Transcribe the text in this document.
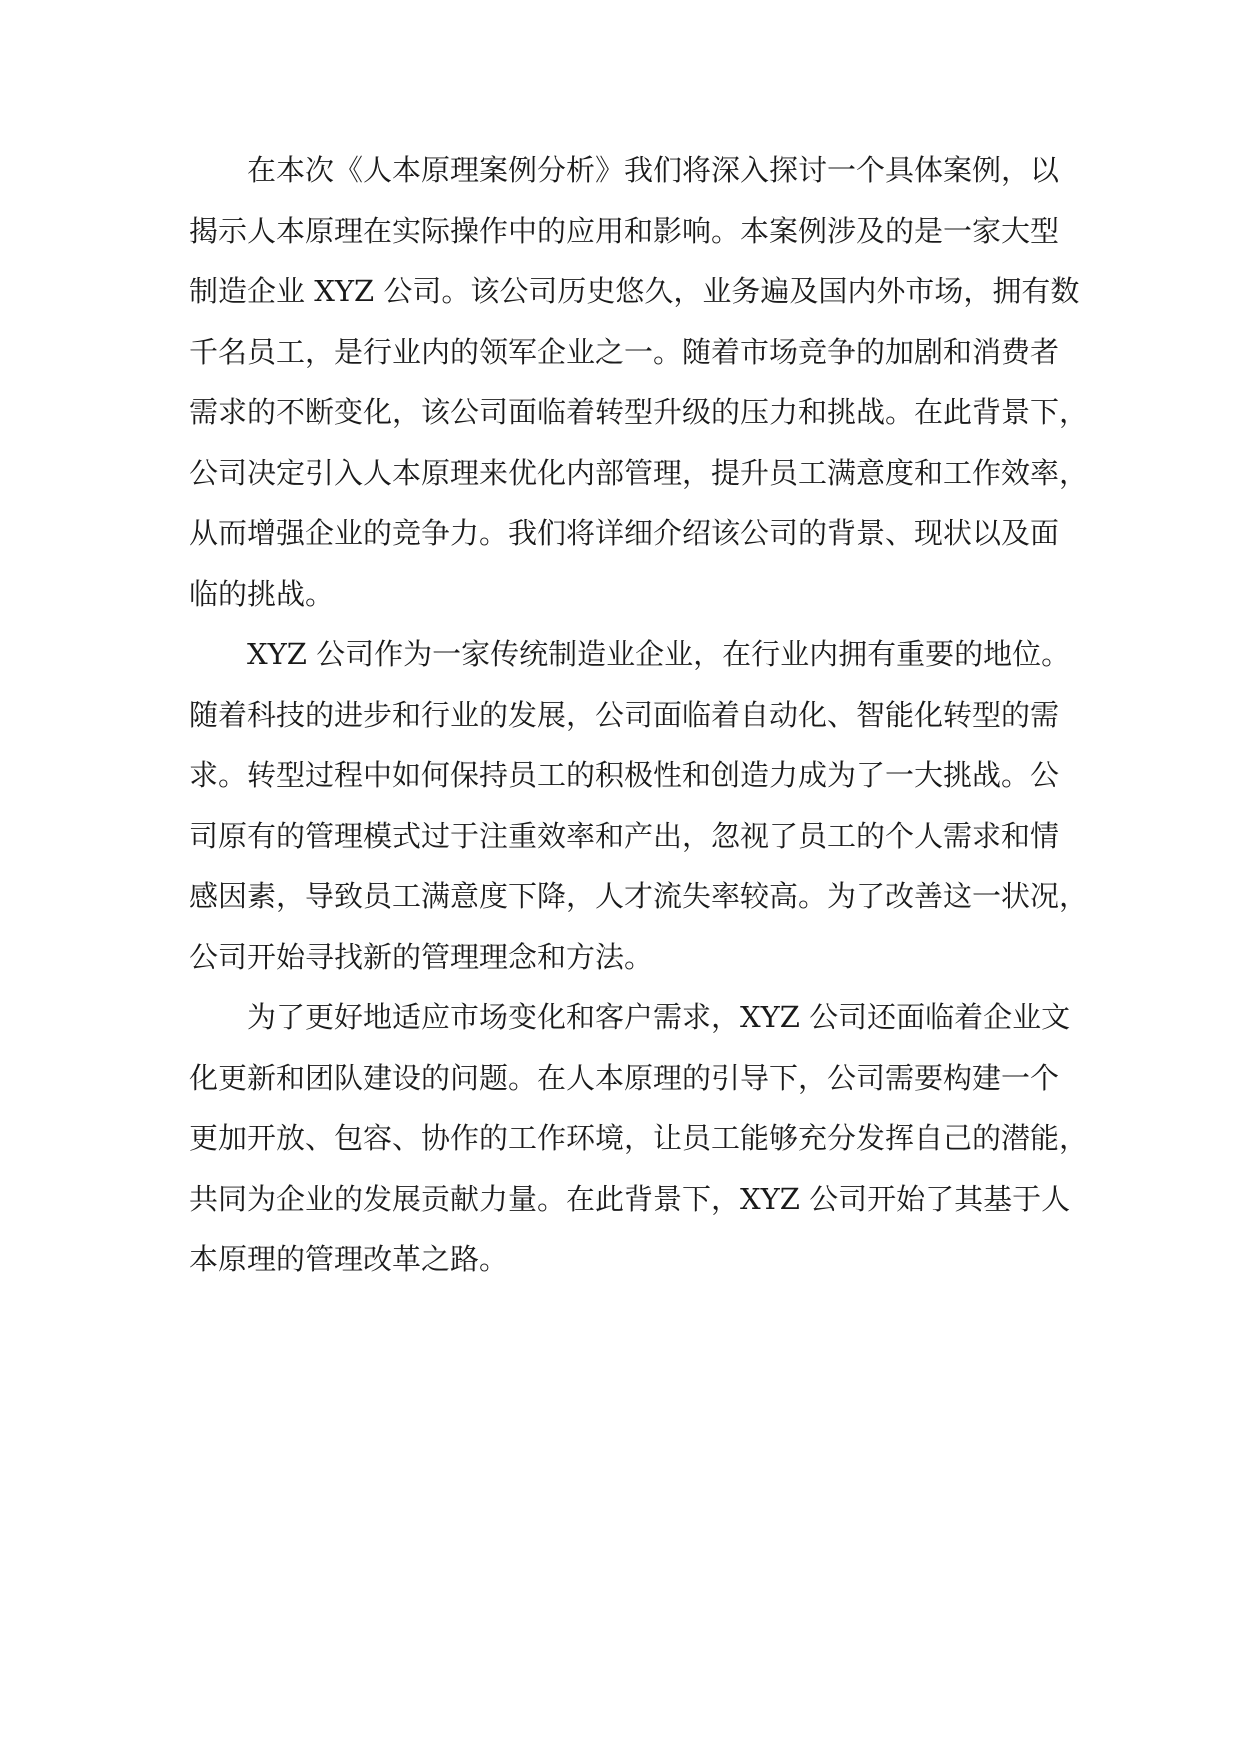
在本次《人本原理案例分析》我们将深入探讨一个具体案例，以
揭示人本原理在实际操作中的应用和影响。本案例涉及的是一家大型
制造企业 XYZ 公司。该公司历史悠久，业务遍及国内外市场，拥有数
千名员工，是行业内的领军企业之一。随着市场竞争的加剧和消费者
需求的不断变化，该公司面临着转型升级的压力和挑战。在此背景下，
公司决定引入人本原理来优化内部管理，提升员工满意度和工作效率，
从而增强企业的竞争力。我们将详细介绍该公司的背景、现状以及面
临的挑战。
XYZ 公司作为一家传统制造业企业，在行业内拥有重要的地位。
随着科技的进步和行业的发展，公司面临着自动化、智能化转型的需
求。转型过程中如何保持员工的积极性和创造力成为了一大挑战。公
司原有的管理模式过于注重效率和产出，忽视了员工的个人需求和情
感因素，导致员工满意度下降，人才流失率较高。为了改善这一状况，
公司开始寻找新的管理理念和方法。
为了更好地适应市场变化和客户需求，XYZ 公司还面临着企业文
化更新和团队建设的问题。在人本原理的引导下，公司需要构建一个
更加开放、包容、协作的工作环境，让员工能够充分发挥自己的潜能，
共同为企业的发展贡献力量。在此背景下，XYZ 公司开始了其基于人
本原理的管理改革之路。
